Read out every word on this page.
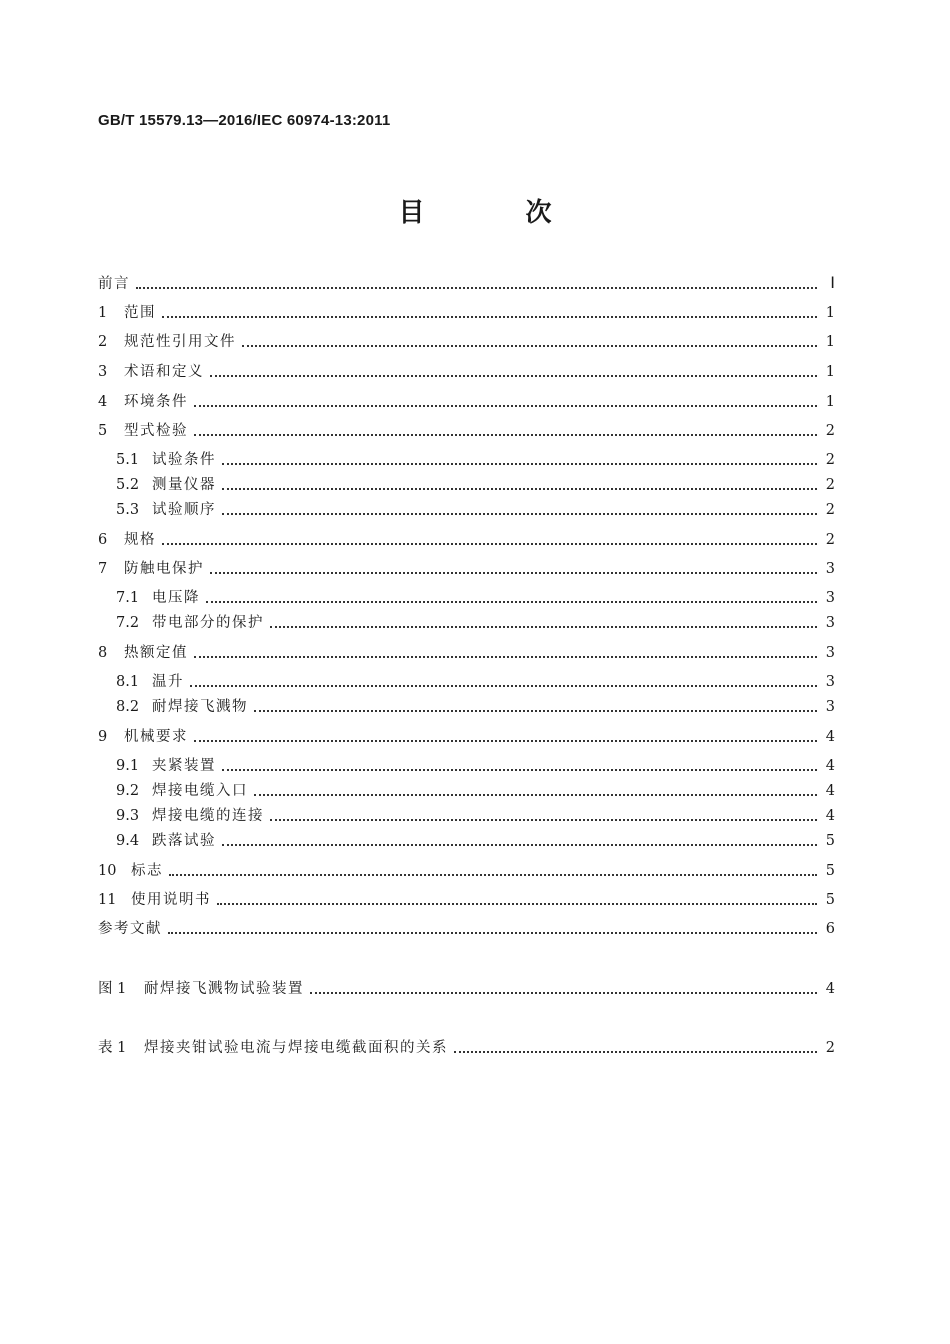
GB/T 15579.13—2016/IEC 60974-13:2011
目 次
前言	Ⅰ
1	范围	1
2	规范性引用文件	1
3	术语和定义	1
4	环境条件	1
5	型式检验	2
5.1 试验条件	2
5.2 测量仪器	2
5.3 试验顺序	2
6	规格	2
7	防触电保护	3
7.1 电压降	3
7.2 带电部分的保护	3
8	热额定值	3
8.1 温升	3
8.2 耐焊接飞溅物	3
9	机械要求	4
9.1 夹紧装置	4
9.2 焊接电缆入口	4
9.3 焊接电缆的连接	4
9.4 跌落试验	5
10	标志	5
11	使用说明书	5
参考文献	6
图 1	耐焊接飞溅物试验装置	4
表 1	焊接夹钳试验电流与焊接电缆截面积的关系	2
